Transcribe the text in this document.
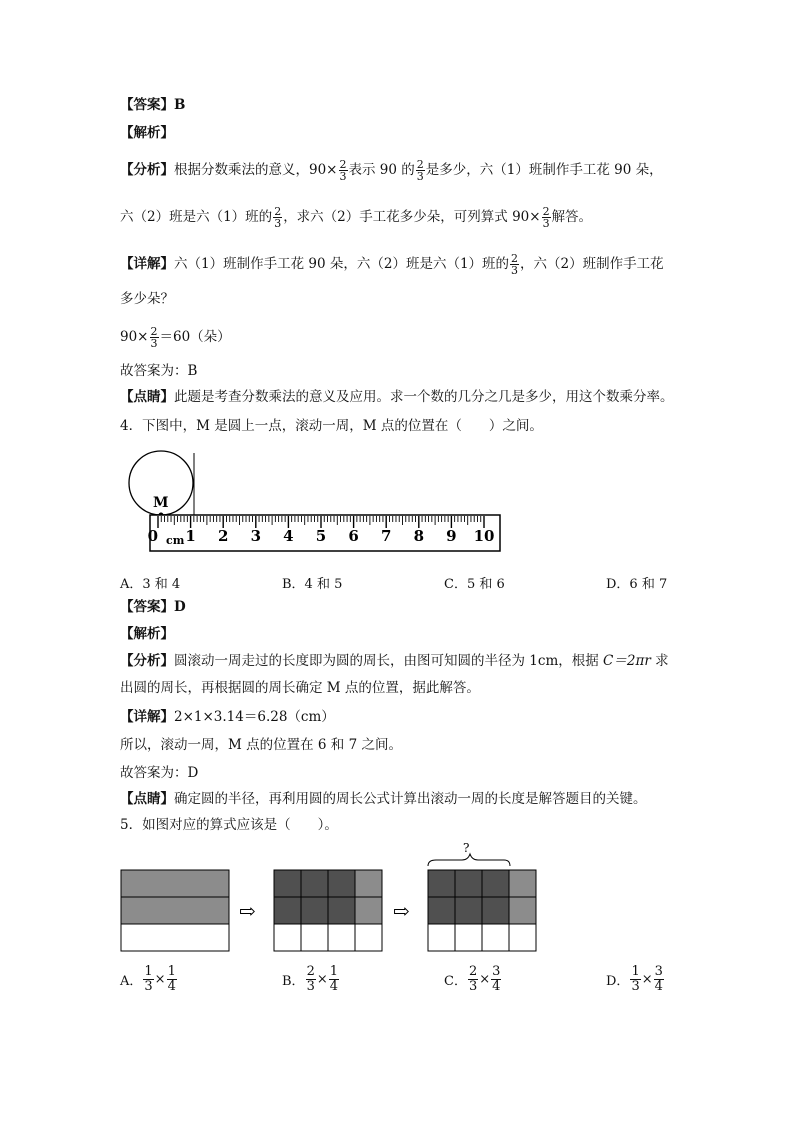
【答案】B
【解析】
【分析】根据分数乘法的意义，$90\times \frac{2}{3}$ 表示 90 的 $\frac{2}{3}$ 是多少，六（1）班制作手工花 90 朵，
六（2）班是六（1）班的 $\frac{2}{3}$ ，求六（2）手工花多少朵，可列算式 $90\times \frac{2}{3}$ 解答。
【详解】六（1）班制作手工花 90 朵，六（2）班是六（1）班的 $\frac{2}{3}$ ，六（2）班制作手工花
多少朵？
$90\times \frac{2}{3} =60$（朵）
故答案为：B
【点睛】此题是考查分数乘法的意义及应用。求一个数的几分之几是多少，用这个数乘分率。
4．下图中，M 是圆上一点，滚动一周，M 点的位置在（　　）之间。
M
0 1 2 3 4 5 6 7 8 9 10
cm
A．3 和 4	B．4 和 5	C．5 和 6	D．6 和 7
【答案】D
【解析】
【分析】圆滚动一周走过的长度即为圆的周长，由图可知圆的半径为 1cm，根据 C＝2πr 求
出圆的周长，再根据圆的周长确定 M 点的位置，据此解答。
【详解】2×1×3.14＝6.28（cm）
所以，滚动一周，M 点的位置在 6 和 7 之间。
故答案为：D
【点睛】确定圆的半径，再利用圆的周长公式计算出滚动一周的长度是解答题目的关键。
5．如图对应的算式应该是（　　）。
⇨	⇨
?
A． $\frac{1}{3} \times \frac{1}{4}$	B． $\frac{2}{3} \times \frac{1}{4}$	C． $\frac{2}{3} \times \frac{3}{4}$	D． $\frac{1}{3} \times \frac{3}{4}$
